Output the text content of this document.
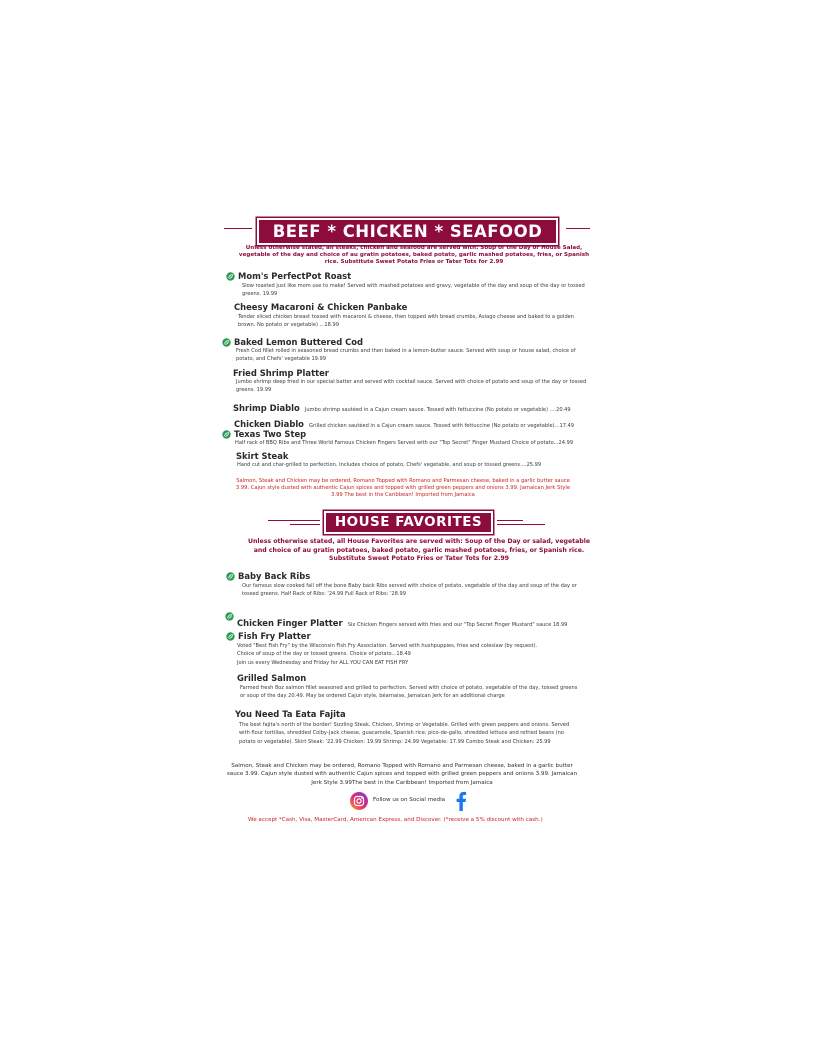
BEEF * CHICKEN * SEAFOOD
Unless otherwise stated, all steaks, chicken and seafood are served with: Soup of the Day or House Salad, vegetable of the day and choice of au gratin potatoes, baked potato, garlic mashed potatoes, fries, or Spanish rice. Substitute Sweet Potato Fries or Tater Tots for 2.99
Mom's PerfectPot Roast
Slow roasted just like mom use to make! Served with mashed potatoes and gravy, vegetable of the day and soup of the day or tossed greens. 19.99
Cheesy Macaroni & Chicken Panbake
Tender sliced chicken breast tossed with macaroni & cheese, then topped with bread crumbs, Asiago cheese and baked to a golden brown. No potato or vegetable) ...18.99
Baked Lemon Buttered Cod
Fresh Cod fillet rolled in seasoned bread crumbs and then baked in a lemon-butter sauce. Served with soup or house salad, choice of potato, and Chefs' vegetable 19.99
Fried Shrimp Platter
Jumbo shrimp deep fried in our special batter and served with cocktail sauce. Served with choice of potato and soup of the day or tossed greens. 19.99
Shrimp Diablo Jumbo shrimp sautéed in a Cajun cream sauce. Tossed with fettuccine (No potato or vegetable) ....20.49
Chicken Diablo Grilled chicken sautéed in a Cajun cream sauce. Tossed with fettuccine (No potato or vegetable)...17.49
Texas Two Step
Half rack of BBQ Ribs and Three World Famous Chicken Fingers Served with our "Top Secret" Finger Mustard Choice of potato...24.99
Skirt Steak
Hand cut and char-grilled to perfection. Includes choice of potato, Chefs' vegetable, and soup or tossed greens....25.99
Salmon, Steak and Chicken may be ordered, Romano Topped with Romano and Parmesan cheese, baked in a garlic butter sauce 3.99. Cajun style dusted with authentic Cajun spices and topped with grilled green peppers and onions 3.99. Jamaican Jerk Style 3.99 The best in the Caribbean! Imported from Jamaica
HOUSE FAVORITES
Unless otherwise stated, all House Favorites are served with: Soup of the Day or salad, vegetable and choice of au gratin potatoes, baked potato, garlic mashed potatoes, fries, or Spanish rice. Substitute Sweet Potato Fries or Tater Tots for 2.99
Baby Back Ribs
Our famous slow cooked fall off the bone Baby back Ribs served with choice of potato, vegetable of the day and soup of the day or tossed greens. Half Rack of Ribs: '24.99 Full Rack of Ribs: '28.99
Chicken Finger Platter Six Chicken Fingers served with fries and our "Top Secret Finger Mustard" sauce 18.99
Fish Fry Platter
Voted "Best Fish Fry" by the Wisconsin Fish Fry Association. Served with hushpuppies, fries and coleslaw (by request).
Choice of soup of the day or tossed greens. Choice of potato...18.49
Join us every Wednesday and Friday for ALL YOU CAN EAT FISH FRY
Grilled Salmon
Farmed fresh 8oz salmon fillet seasoned and grilled to perfection. Served with choice of potato, vegetable of the day, tossed greens or soup of the day 20.49. May be ordered Cajun style, béarnaise, Jamaican Jerk for an additional charge
You Need Ta Eata Fajita
The best fajita's north of the border! Sizzling Steak, Chicken, Shrimp or Vegetable. Grilled with green peppers and onions. Served with flour tortillas, shredded Colby-Jack cheese, guacamole, Spanish rice, pico-de-gallo, shredded lettuce and refried beans (no potato or vegetable). Skirt Steak: '22.99 Chicken: 19.99 Shrimp: 24.99 Vegetable: 17.99 Combo Steak and Chicken: 25.99
Salmon, Steak and Chicken may be ordered, Romano Topped with Romano and Parmesan cheese, baked in a garlic butter sauce 3.99. Cajun style dusted with authentic Cajun spices and topped with grilled green peppers and onions 3.99. Jamaican Jerk Style 3.99The best in the Caribbean! Imported from Jamaica
Follow us on Social media
We accept *Cash, Visa, MasterCard, American Express, and Discover. (*receive a 5% discount with cash.)
